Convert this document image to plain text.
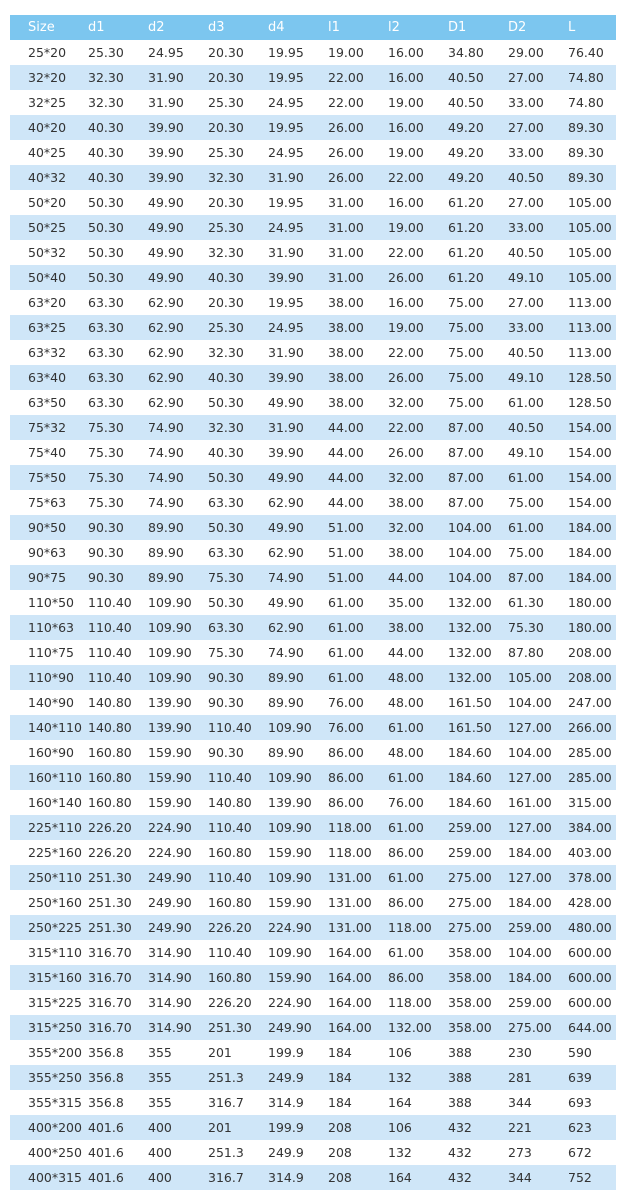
Size	d1	d2	d3	d4	l1	l2	D1	D2	L
25*20	25.30	24.95	20.30	19.95	19.00	16.00	34.80	29.00	76.40
32*20	32.30	31.90	20.30	19.95	22.00	16.00	40.50	27.00	74.80
32*25	32.30	31.90	25.30	24.95	22.00	19.00	40.50	33.00	74.80
40*20	40.30	39.90	20.30	19.95	26.00	16.00	49.20	27.00	89.30
40*25	40.30	39.90	25.30	24.95	26.00	19.00	49.20	33.00	89.30
40*32	40.30	39.90	32.30	31.90	26.00	22.00	49.20	40.50	89.30
50*20	50.30	49.90	20.30	19.95	31.00	16.00	61.20	27.00	105.00
50*25	50.30	49.90	25.30	24.95	31.00	19.00	61.20	33.00	105.00
50*32	50.30	49.90	32.30	31.90	31.00	22.00	61.20	40.50	105.00
50*40	50.30	49.90	40.30	39.90	31.00	26.00	61.20	49.10	105.00
63*20	63.30	62.90	20.30	19.95	38.00	16.00	75.00	27.00	113.00
63*25	63.30	62.90	25.30	24.95	38.00	19.00	75.00	33.00	113.00
63*32	63.30	62.90	32.30	31.90	38.00	22.00	75.00	40.50	113.00
63*40	63.30	62.90	40.30	39.90	38.00	26.00	75.00	49.10	128.50
63*50	63.30	62.90	50.30	49.90	38.00	32.00	75.00	61.00	128.50
75*32	75.30	74.90	32.30	31.90	44.00	22.00	87.00	40.50	154.00
75*40	75.30	74.90	40.30	39.90	44.00	26.00	87.00	49.10	154.00
75*50	75.30	74.90	50.30	49.90	44.00	32.00	87.00	61.00	154.00
75*63	75.30	74.90	63.30	62.90	44.00	38.00	87.00	75.00	154.00
90*50	90.30	89.90	50.30	49.90	51.00	32.00	104.00	61.00	184.00
90*63	90.30	89.90	63.30	62.90	51.00	38.00	104.00	75.00	184.00
90*75	90.30	89.90	75.30	74.90	51.00	44.00	104.00	87.00	184.00
110*50	110.40	109.90	50.30	49.90	61.00	35.00	132.00	61.30	180.00
110*63	110.40	109.90	63.30	62.90	61.00	38.00	132.00	75.30	180.00
110*75	110.40	109.90	75.30	74.90	61.00	44.00	132.00	87.80	208.00
110*90	110.40	109.90	90.30	89.90	61.00	48.00	132.00	105.00	208.00
140*90	140.80	139.90	90.30	89.90	76.00	48.00	161.50	104.00	247.00
140*110	140.80	139.90	110.40	109.90	76.00	61.00	161.50	127.00	266.00
160*90	160.80	159.90	90.30	89.90	86.00	48.00	184.60	104.00	285.00
160*110	160.80	159.90	110.40	109.90	86.00	61.00	184.60	127.00	285.00
160*140	160.80	159.90	140.80	139.90	86.00	76.00	184.60	161.00	315.00
225*110	226.20	224.90	110.40	109.90	118.00	61.00	259.00	127.00	384.00
225*160	226.20	224.90	160.80	159.90	118.00	86.00	259.00	184.00	403.00
250*110	251.30	249.90	110.40	109.90	131.00	61.00	275.00	127.00	378.00
250*160	251.30	249.90	160.80	159.90	131.00	86.00	275.00	184.00	428.00
250*225	251.30	249.90	226.20	224.90	131.00	118.00	275.00	259.00	480.00
315*110	316.70	314.90	110.40	109.90	164.00	61.00	358.00	104.00	600.00
315*160	316.70	314.90	160.80	159.90	164.00	86.00	358.00	184.00	600.00
315*225	316.70	314.90	226.20	224.90	164.00	118.00	358.00	259.00	600.00
315*250	316.70	314.90	251.30	249.90	164.00	132.00	358.00	275.00	644.00
355*200	356.8	355	201	199.9	184	106	388	230	590
355*250	356.8	355	251.3	249.9	184	132	388	281	639
355*315	356.8	355	316.7	314.9	184	164	388	344	693
400*200	401.6	400	201	199.9	208	106	432	221	623
400*250	401.6	400	251.3	249.9	208	132	432	273	672
400*315	401.6	400	316.7	314.9	208	164	432	344	752
